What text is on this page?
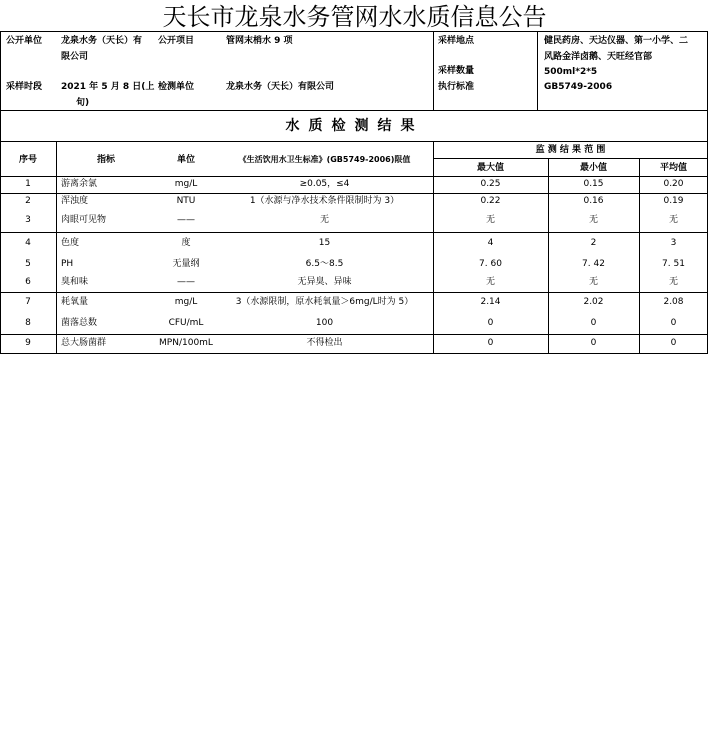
天长市龙泉水务管网水水质信息公告
公开单位 龙泉水务（天长）有
限公司
公开项目	管网末梢水 9 项	采样地点	健民药房、天达仪器、第一小学、二
风路金洋卤鹅、天旺经官部
采样数量	500ml*2*5
采样时段 2021 年 5 月 8 日(上
旬)
检测单位	龙泉水务（天长）有限公司	执行标准	GB5749-2006
水质检测结果
序号	指标	单位	《生活饮用水卫生标准》(GB5749-2006)限值
监 测 结 果 范 围
最大值	最小值	平均值
1	游离余氯	mg/L	≥0.05，≤4	0.25	0.15	0.20
2	浑浊度	NTU	1（水源与净水技术条件限制时为 3）	0.22	0.16	0.19
3	肉眼可见物	——	无	无	无	无
4	色度	度	15	4	2	3
5	PH	无量纲	6.5～8.5	7. 60	7. 42	7. 51
6	臭和味	——	无异臭、异味	无	无	无
7	耗氧量	mg/L	3（水源限制，原水耗氧量＞6mg/L时为 5）	2.14	2.02	2.08
8	菌落总数	CFU/mL	100	0	0	0
9	总大肠菌群	MPN/100mL	不得检出	0	0	0
